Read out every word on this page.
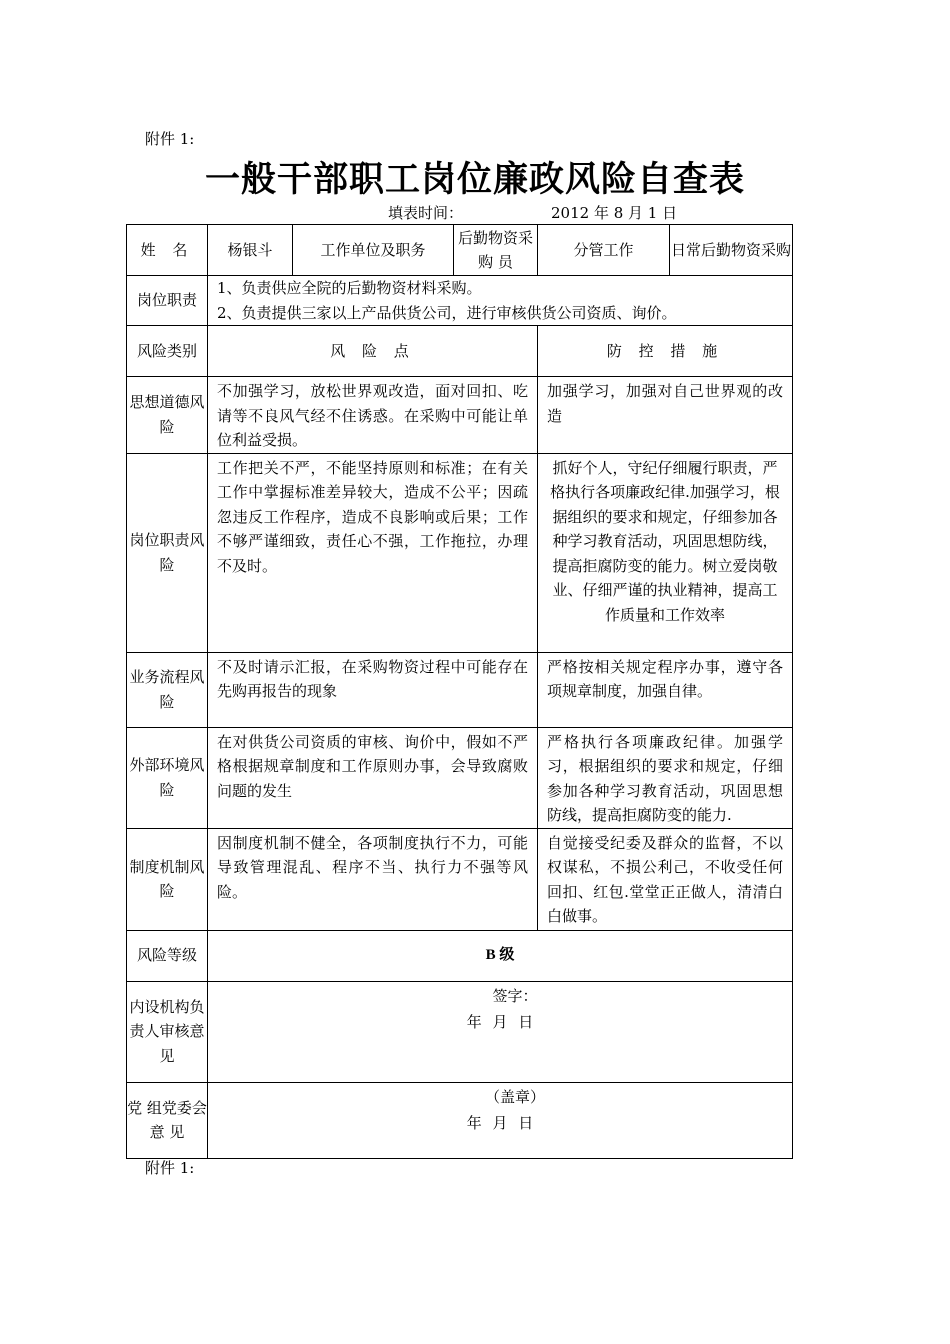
附件 1:
一般干部职工岗位廉政风险自查表
填表时间：	2012 年 8 月 1 日
姓 名	杨银斗	工作单位及职务	后勤物资采 购 员	分管工作	日常后勤物资采购
岗位职责	1、负责供应全院的后勤物资材料采购。
2、负责提供三家以上产品供货公司，进行审核供货公司资质、询价。				

风险类别	风 险 点			防 控 措 施	
思想道德风险	不加强学习，放松世界观改造，面对回扣、吃请等不良风气经不住诱惑。在采购中可能让单位利益受损。			加强学习，加强对自己世界观的改造	
岗位职责风险	工作把关不严，不能坚持原则和标准；在有关工作中掌握标准差异较大，造成不公平；因疏忽违反工作程序，造成不良影响或后果；工作不够严谨细致，责任心不强，工作拖拉，办理不及时。			抓好个人，守纪仔细履行职责，严格执行各项廉政纪律.加强学习，根据组织的要求和规定，仔细参加各种学习教育活动，巩固思想防线，提高拒腐防变的能力。树立爱岗敬业、仔细严谨的执业精神，提高工作质量和工作效率	
业务流程风险	不及时请示汇报，在采购物资过程中可能存在先购再报告的现象			严格按相关规定程序办事，遵守各项规章制度，加强自律。	
外部环境风险	在对供货公司资质的审核、询价中，假如不严格根据规章制度和工作原则办事，会导致腐败问题的发生			严格执行各项廉政纪律。加强学习，根据组织的要求和规定，仔细参加各种学习教育活动，巩固思想防线，提高拒腐防变的能力.	
制度机制风险	因制度机制不健全，各项制度执行不力，可能导致管理混乱、程序不当、执行力不强等风险。			自觉接受纪委及群众的监督，不以权谋私，不损公利己，不收受任何回扣、红包.堂堂正正做人，清清白白做事。	
风险等级	B 级				
内设机构负责人审核意 见	签字：
年 月 日				

党 组党委会意 见	（盖章）
年 月 日				
附件 1:
